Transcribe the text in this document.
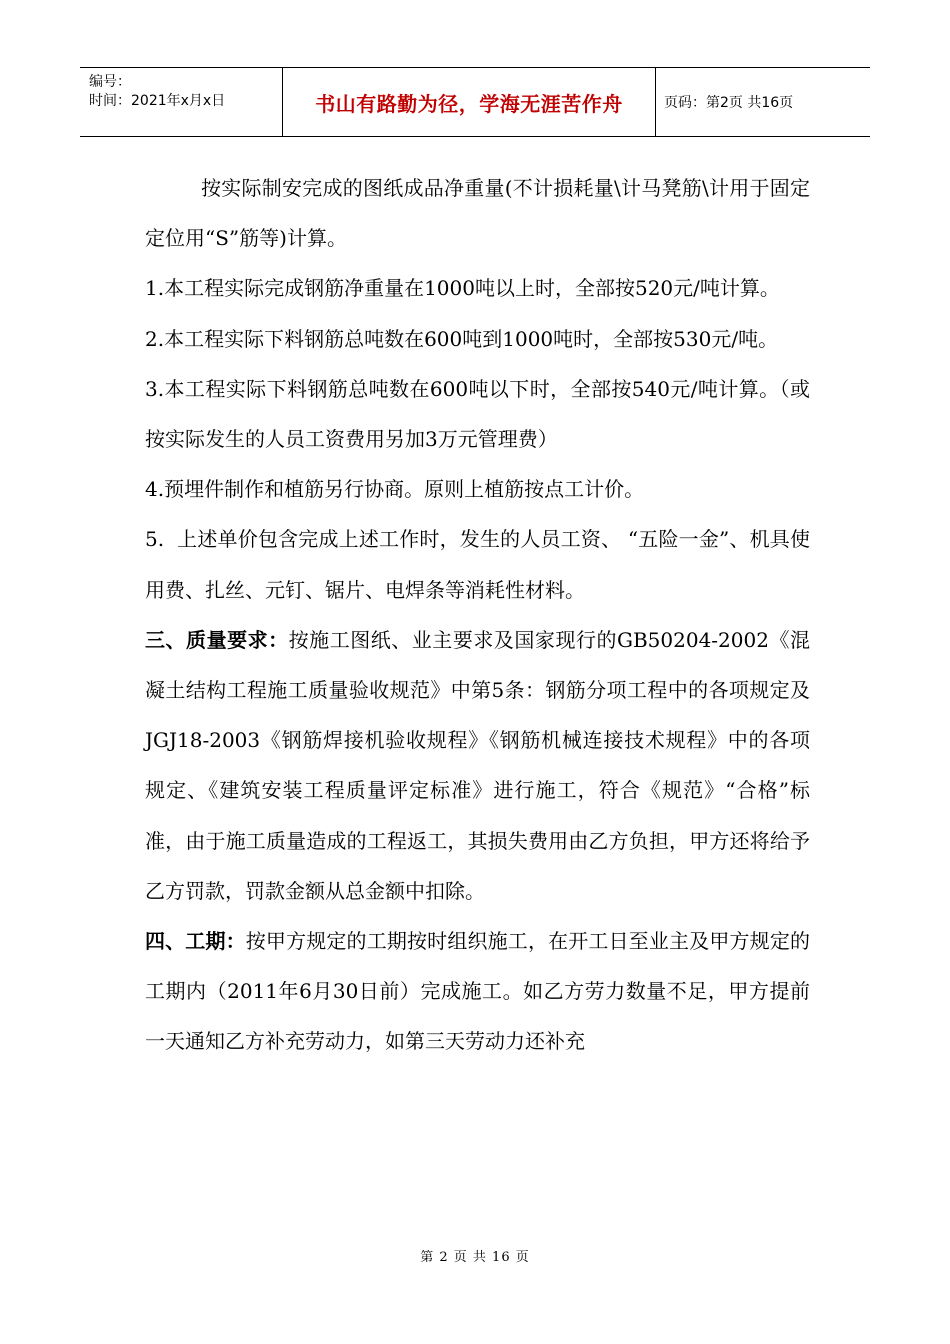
编号：
时间：2021年x月x日	书山有路勤为径，学海无涯苦作舟	页码：第2页 共16页

按实际制安完成的图纸成品净重量(不计损耗量\计马凳筋\计用于固定定位用“S”筋等)计算。

1.本工程实际完成钢筋净重量在1000吨以上时，全部按520元/吨计算。

2.本工程实际下料钢筋总吨数在600吨到1000吨时，全部按530元/吨。

3.本工程实际下料钢筋总吨数在600吨以下时，全部按540元/吨计算。（或按实际发生的人员工资费用另加3万元管理费）

4.预埋件制作和植筋另行协商。原则上植筋按点工计价。

5.  上述单价包含完成上述工作时，发生的人员工资、 “五险一金”、机具使用费、扎丝、元钉、锯片、电焊条等消耗性材料。

三、质量要求：按施工图纸、业主要求及国家现行的GB50204-2002《混凝土结构工程施工质量验收规范》中第5条：钢筋分项工程中的各项规定及JGJ18-2003《钢筋焊接机验收规程》《钢筋机械连接技术规程》中的各项规定、《建筑安装工程质量评定标准》进行施工，符合《规范》“合格”标准，由于施工质量造成的工程返工，其损失费用由乙方负担，甲方还将给予乙方罚款，罚款金额从总金额中扣除。

四、工期：按甲方规定的工期按时组织施工，在开工日至业主及甲方规定的工期内（2011年6月30日前）完成施工。如乙方劳力数量不足，甲方提前一天通知乙方补充劳动力，如第三天劳动力还补充

第 2 页 共 16 页
